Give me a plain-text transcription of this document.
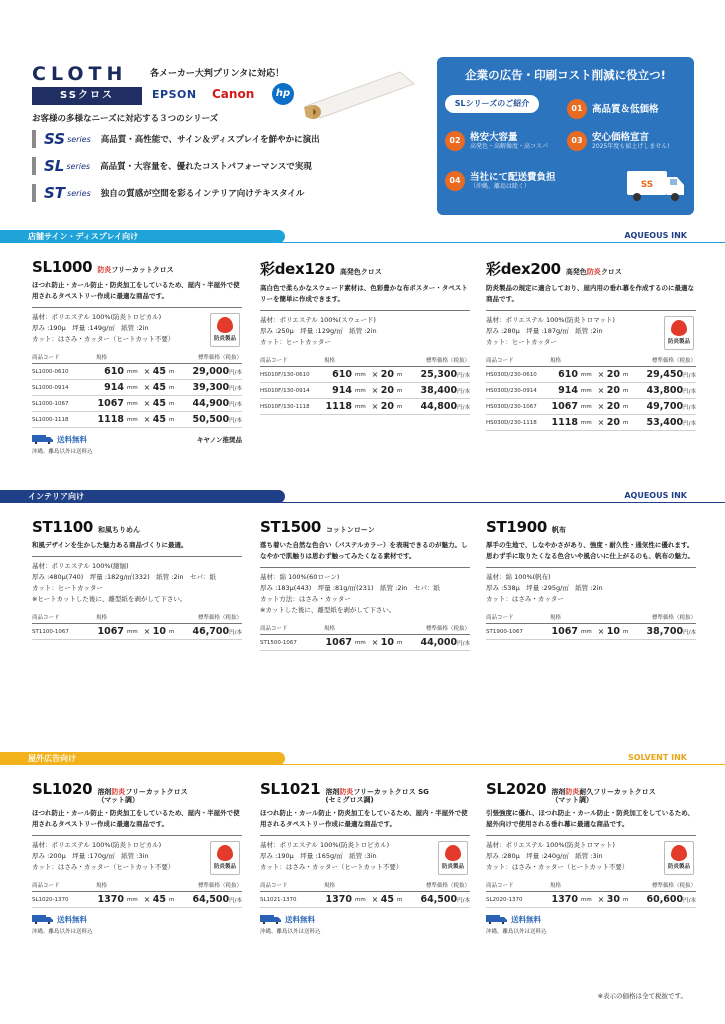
CLOTH
SSクロス
各メーカー大判プリンタに対応！
EPSON Canon	hp
お客様の多様なニーズに対応する３つのシリーズ
SS series 高品質・高性能で、サイン＆ディスプレイを鮮やかに演出
SL series 高品質・大容量を、優れたコストパフォーマンスで実現
ST series 独自の質感が空間を彩るインテリア向けテキスタイル
企業の広告・印刷コスト削減に役立つ!
SLシリーズのご紹介
01 高品質＆低価格
02 格安大容量
高発色・高解像度・高コスパ
03 安心価格宣言
2025年度も値上げしません!
04 当社にて配送費負担
（沖縄、離島は除く）	SS
店舗サイン・ディスプレイ向け	AQUEOUS INK
SL1000 防炎フリーカットクロス
ほつれ防止・カール防止・防炎加工をしているため、屋内・半屋外で使用されるタペストリー作成に最適な商品です。
基材：ポリエステル 100%(防炎トロピカル)
厚み :190μ　坪量 :149g/㎡　紙管 :2in
カット：はさみ・カッター（ヒートカット不要）	防炎製品
商品コード	規格					標準価格（税抜）
SL1000-0610	610	mm	×	45	m		29,000円/本
SL1000-0914	914	mm	×	45	m		39,300円/本
SL1000-1067	1067	mm	×	45	m		44,900円/本
SL1000-1118	1118	mm	×	45	m		50,500円/本
送料無料
沖縄、離島以外は送料込
キヤノン推奨品
彩dex120 高発色クロス
高白色で柔らかなスウェード素材は、色彩豊かな布ポスター・タペストリーを簡単に作成できます。
基材：ポリエステル 100%(スウェード)
厚み :250μ　坪量 :129g/㎡　紙管 :2in
カット：ヒートカッター
商品コード	規格					標準価格（税抜）
HS010F/130-0610	610	mm	×	20	m		25,300円/本
HS010F/130-0914	914	mm	×	20	m		38,400円/本
HS010F/130-1118	1118	mm	×	20	m		44,800円/本
彩dex200 高発色防炎クロス
防炎製品の規定に適合しており、屋内用の垂れ幕を作成するのに最適な商品です。
基材：ポリエステル 100%(防炎トロマット)
厚み :280μ　坪量 :187g/㎡　紙管 :2in
カット：ヒートカッター	防炎製品
商品コード	規格					標準価格（税抜）
HS030D/230-0610	610	mm	×	20	m		29,450円/本
HS030D/230-0914	914	mm	×	20	m		43,800円/本
HS030D/230-1067	1067	mm	×	20	m		49,700円/本
HS030D/230-1118	1118	mm	×	20	m		53,400円/本
インテリア向け	AQUEOUS INK
ST1100 和風ちりめん
和風デザインを生かした魅力ある商品づくりに最適。
基材：ポリエステル 100%(縮緬)
厚み :480μ(740)　坪量 :182g/㎡(332)　紙管 :2in　セパ：紙
カット：ヒートカッター
※ヒートカットした後に、離型紙を剥がして下さい。
商品コード	規格					標準価格（税抜）
ST1100-1067	1067	mm	×	10	m		46,700円/本
ST1500 コットンローン
落ち着いた自然な色合い（パステルカラー）を表現できるのが魅力。しなやかで肌触りは思わず触ってみたくなる素材です。
基材：綿 100%(60ローン)
厚み :183μ(443)　坪量 :81g/㎡(231)　紙管 :2in　セパ：紙
カット方法：はさみ・カッター
※カットした後に、離型紙を剥がして下さい。
商品コード	規格					標準価格（税抜）
ST1500-1067	1067	mm	×	10	m		44,000円/本
ST1900 帆布
厚手の生地で、しなやかさがあり、強度・耐久性・通気性に優れます。思わず手に取りたくなる色合いや風合いに仕上がるのも、帆布の魅力。
基材：綿 100%(帆布)
厚み :538μ　坪量 :295g/㎡　紙管 :2in
カット：はさみ・カッター
商品コード	規格					標準価格（税抜）
ST1900-1067	1067	mm	×	10	m		38,700円/本
屋外広告向け	SOLVENT INK
SL1020 溶剤防炎フリーカットクロス
（マット調）
ほつれ防止・カール防止・防炎加工をしているため、屋内・半屋外で使用されるタペストリー作成に最適な商品です。
基材：ポリエステル 100%(防炎トロピカル)
厚み :200μ　坪量 :170g/㎡　紙管 :3in
カット：はさみ・カッター（ヒートカット不要）	防炎製品
商品コード	規格					標準価格（税抜）
SL1020-1370	1370	mm	×	45	m		64,500円/本
送料無料
沖縄、離島以外は送料込
SL1021 溶剤防炎フリーカットクロス SG
(セミグロス調)
ほつれ防止・カール防止・防炎加工をしているため、屋内・半屋外で使用されるタペストリー作成に最適な商品です。
基材：ポリエステル 100%(防炎トロピカル)
厚み :190μ　坪量 :165g/㎡　紙管 :3in
カット：はさみ・カッター（ヒートカット不要）	防炎製品
商品コード	規格					標準価格（税抜）
SL1021-1370	1370	mm	×	45	m		64,500円/本
送料無料
沖縄、離島以外は送料込
SL2020 溶剤防炎耐久フリーカットクロス
（マット調）
引張強度に優れ、ほつれ防止・カール防止・防炎加工をしているため、屋外向けで使用される垂れ幕に最適な商品です。
基材：ポリエステル 100%(防炎トロマット)
厚み :280μ　坪量 :240g/㎡　紙管 :3in
カット：はさみ・カッター（ヒートカット不要）	防炎製品
商品コード	規格					標準価格（税抜）
SL2020-1370	1370	mm	×	30	m		60,600円/本
送料無料
沖縄、離島以外は送料込
※表示の価格は全て税抜です。
